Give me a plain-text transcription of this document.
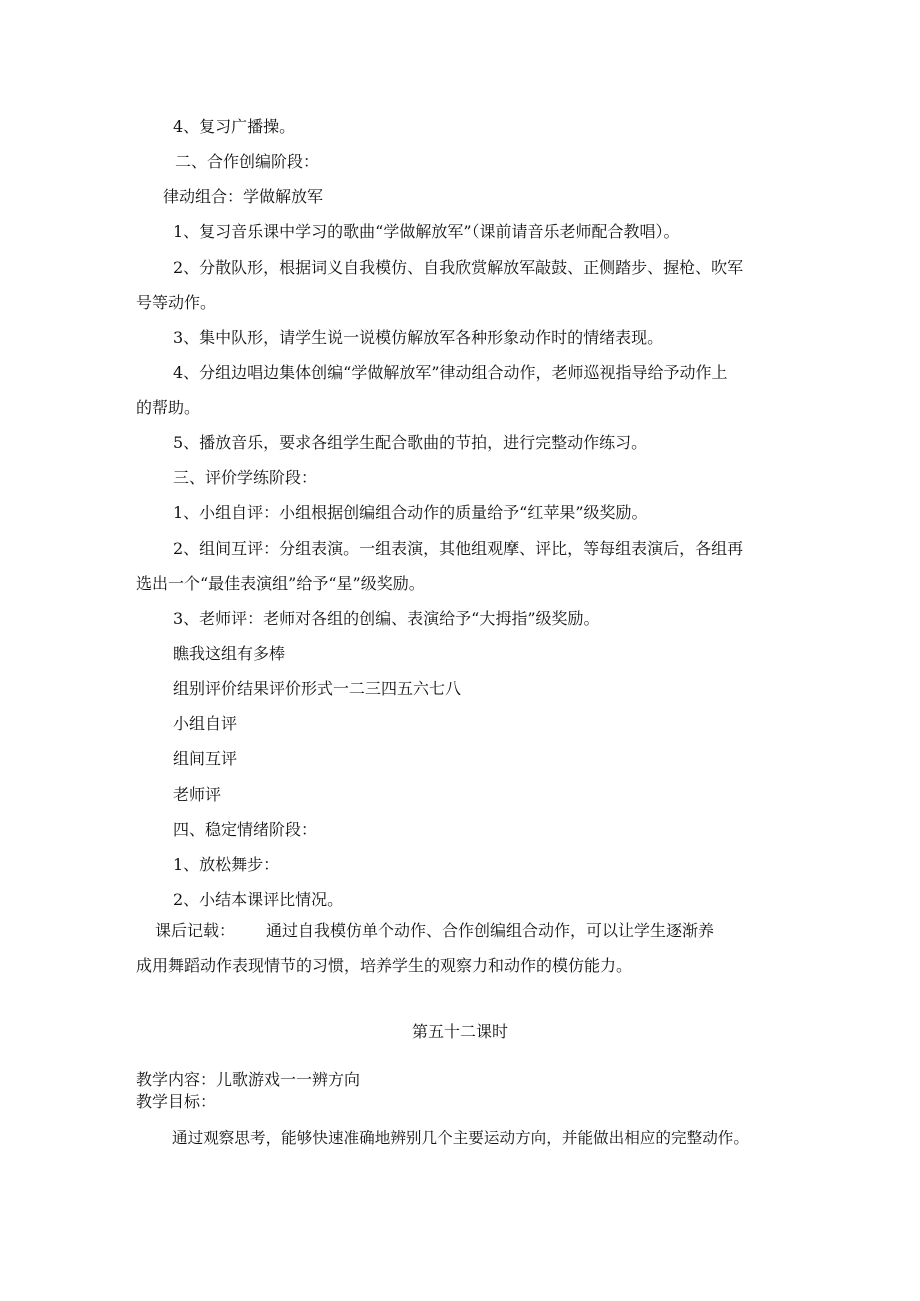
4、复习广播操。
二、合作创编阶段：
律动组合：学做解放军
1、复习音乐课中学习的歌曲“学做解放军”（课前请音乐老师配合教唱）。
2、分散队形，根据词义自我模仿、自我欣赏解放军敲鼓、正侧踏步、握枪、吹军
号等动作。
3、集中队形，请学生说一说模仿解放军各种形象动作时的情绪表现。
4、分组边唱边集体创编“学做解放军”律动组合动作，老师巡视指导给予动作上
的帮助。
5、播放音乐，要求各组学生配合歌曲的节拍，进行完整动作练习。
三、评价学练阶段：
1、小组自评：小组根据创编组合动作的质量给予“红苹果”级奖励。
2、组间互评：分组表演。一组表演，其他组观摩、评比，等每组表演后，各组再
选出一个“最佳表演组”给予“星”级奖励。
3、老师评：老师对各组的创编、表演给予“大拇指”级奖励。
瞧我这组有多棒
组别评价结果评价形式一二三四五六七八
小组自评
组间互评
老师评
四、稳定情绪阶段：
1、放松舞步：
2、小结本课评比情况。
课后记载： 通过自我模仿单个动作、合作创编组合动作，可以让学生逐渐养
成用舞蹈动作表现情节的习惯，培养学生的观察力和动作的模仿能力。
第五十二课时
教学内容：儿歌游戏一一辨方向
教学目标：
通过观察思考，能够快速准确地辨别几个主要运动方向，并能做出相应的完整动作。
